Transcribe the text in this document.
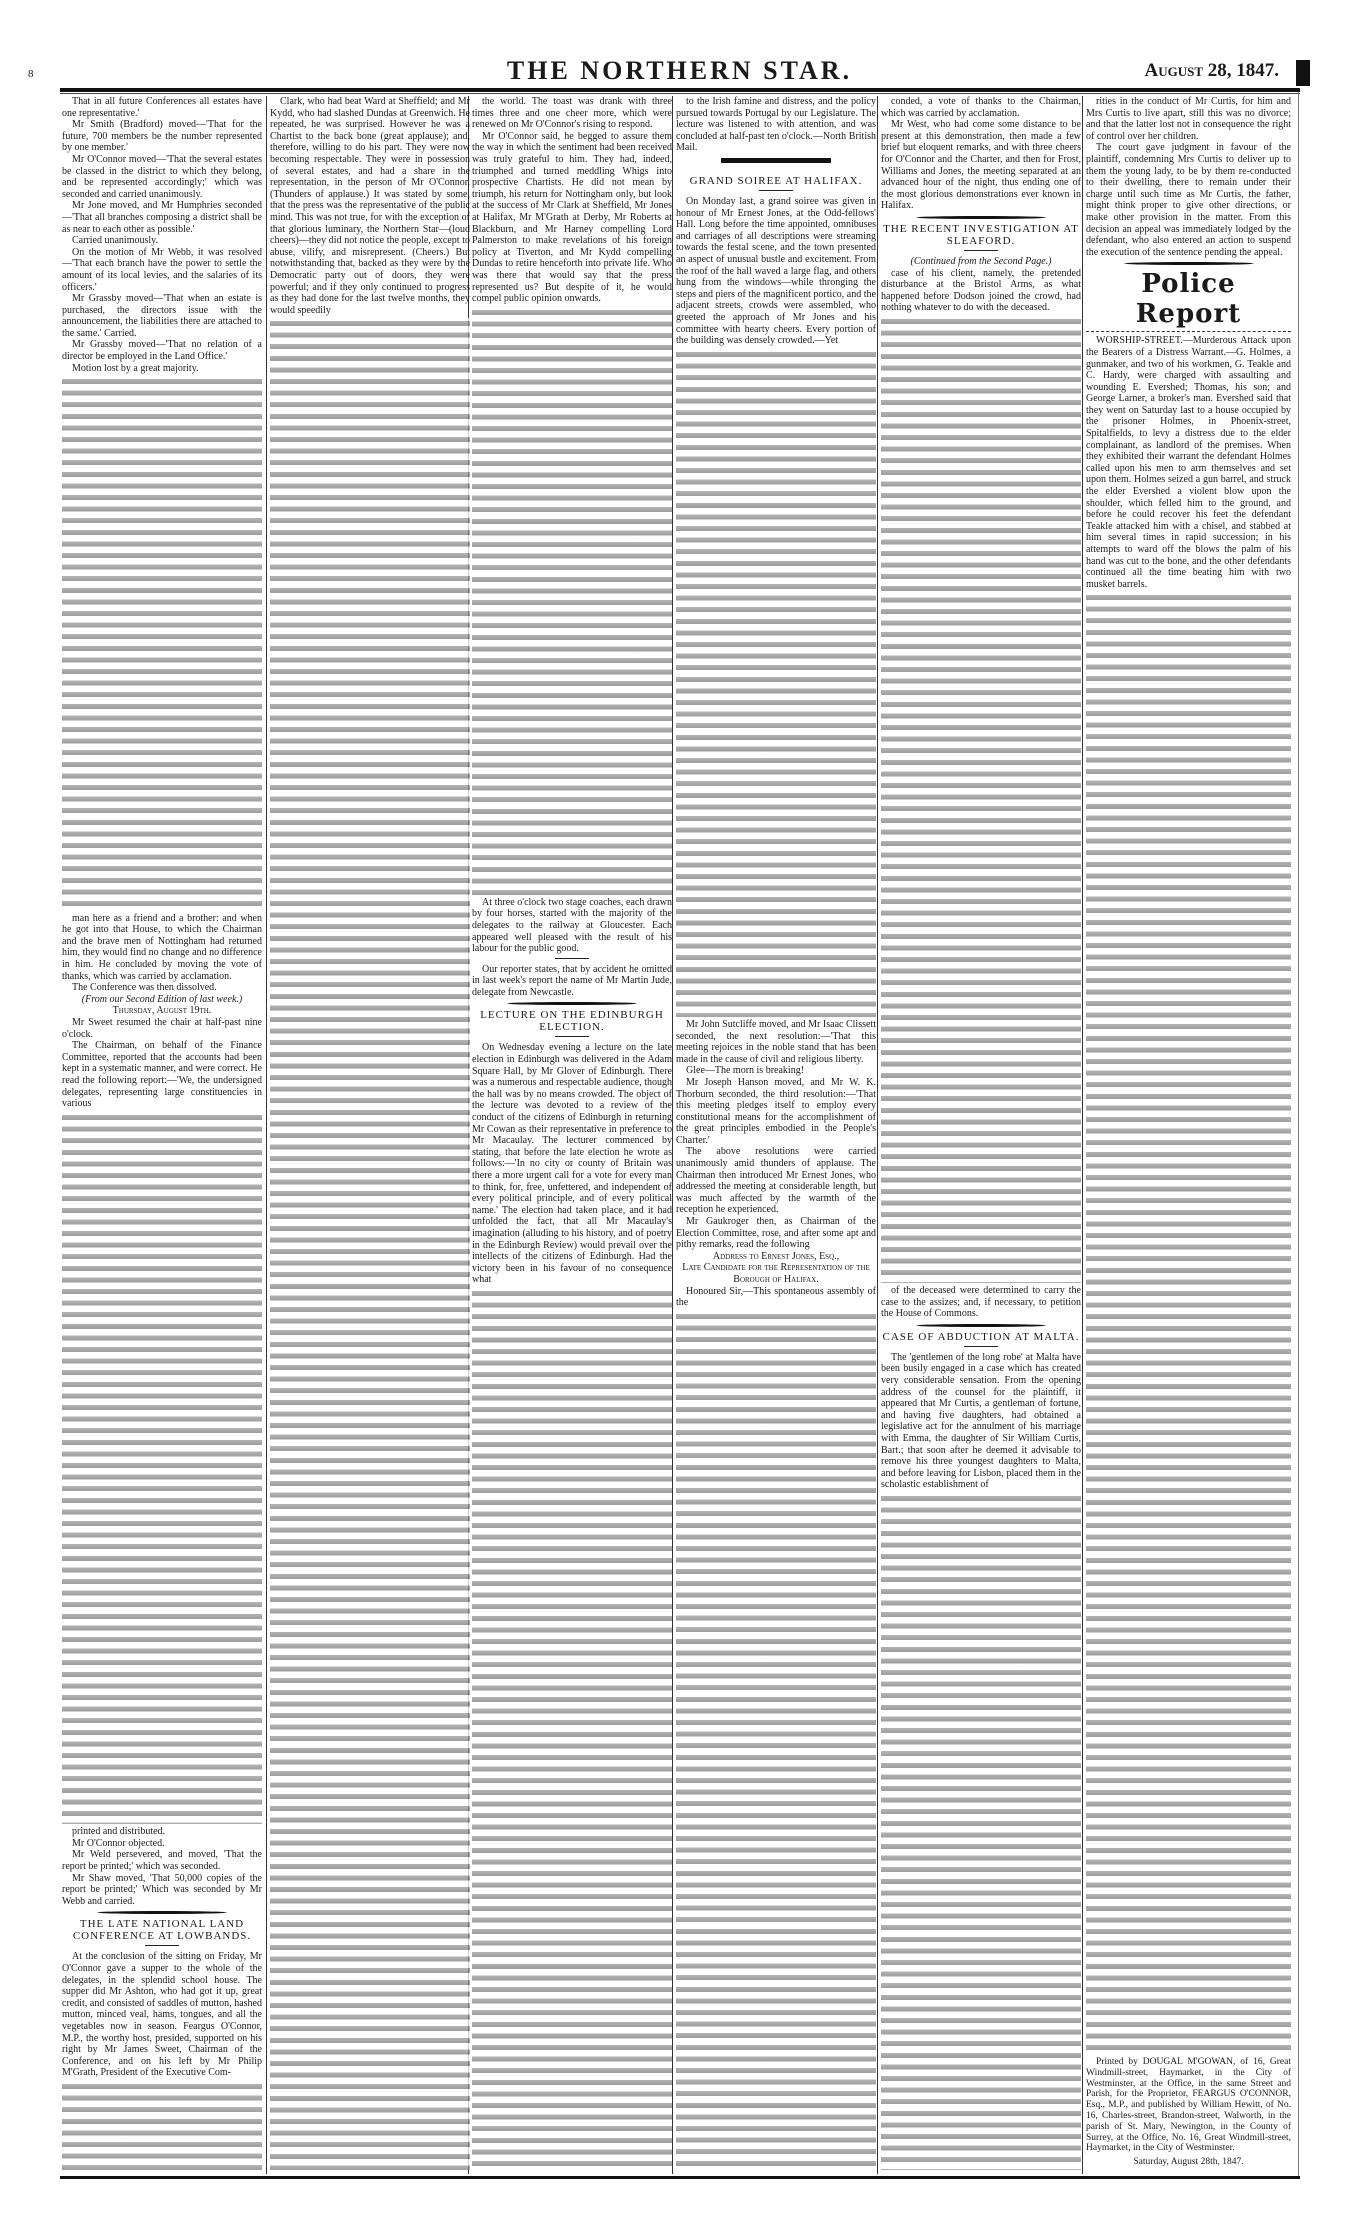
8	THE NORTHERN STAR.	August 28, 1847.

That in all future Conferences all estates have one representative.'

Mr Smith (Bradford) moved—'That for the future, 700 members be the number represented by one member.'

Mr O'Connor moved—'That the several estates be classed in the district to which they belong, and be represented accordingly;' which was seconded and carried unanimously.

Mr Jone moved, and Mr Humphries seconded—'That all branches composing a district shall be as near to each other as possible.'

Carried unanimously.

On the motion of Mr Webb, it was resolved—'That each branch have the power to settle the amount of its local levies, and the salaries of its officers.'

Mr Grassby moved—'That when an estate is purchased, the directors issue with the announcement, the liabilities there are attached to the same.' Carried.

Mr Grassby moved—'That no relation of a director be employed in the Land Office.'

Motion lost by a great majority.

man here as a friend and a brother: and when he got into that House, to which the Chairman and the brave men of Nottingham had returned him, they would find no change and no difference in him. He concluded by moving the vote of thanks, which was carried by acclamation.

The Conference was then dissolved.

(From our Second Edition of last week.)

Thursday, August 19th.

Mr Sweet resumed the chair at half-past nine o'clock.

The Chairman, on behalf of the Finance Committee, reported that the accounts had been kept in a systematic manner, and were correct. He read the following report:—'We, the undersigned delegates, representing large constituencies in various

printed and distributed.

Mr O'Connor objected.

Mr Weld persevered, and moved, 'That the report be printed;' which was seconded.

Mr Shaw moved, 'That 50,000 copies of the report be printed;' Which was seconded by Mr Webb and carried.

THE LATE NATIONAL LAND CONFERENCE AT LOWBANDS.

At the conclusion of the sitting on Friday, Mr O'Connor gave a supper to the whole of the delegates, in the splendid school house. The supper did Mr Ashton, who had got it up, great credit, and consisted of saddles of mutton, hashed mutton, minced veal, hams, tongues, and all the vegetables now in season. Feargus O'Connor, M.P., the worthy host, presided, supported on his right by Mr James Sweet, Chairman of the Conference, and on his left by Mr Philip M'Grath, President of the Executive Com-

Clark, who had beat Ward at Sheffield; and Mr Kydd, who had slashed Dundas at Greenwich. He repeated, he was surprised. However he was a Chartist to the back bone (great applause); and, therefore, willing to do his part. They were now becoming respectable. They were in possession of several estates, and had a share in the representation, in the person of Mr O'Connor. (Thunders of applause.) It was stated by some, that the press was the representative of the public mind. This was not true, for with the exception of that glorious luminary, the Northern Star—(loud cheers)—they did not notice the people, except to abuse, vilify, and misrepresent. (Cheers.) But notwithstanding that, backed as they were by the Democratic party out of doors, they were powerful; and if they only continued to progress as they had done for the last twelve months, they would speedily

the world. The toast was drank with three times three and one cheer more, which were renewed on Mr O'Connor's rising to respond.

Mr O'Connor said, he begged to assure them the way in which the sentiment had been received was truly grateful to him. They had, indeed, triumphed and turned meddling Whigs into prospective Chartists. He did not mean by triumph, his return for Nottingham only, but look at the success of Mr Clark at Sheffield, Mr Jones at Halifax, Mr M'Grath at Derby, Mr Roberts at Blackburn, and Mr Harney compelling Lord Palmerston to make revelations of his foreign policy at Tiverton, and Mr Kydd compelling Dundas to retire henceforth into private life. Who was there that would say that the press represented us? But despite of it, he would compel public opinion onwards.

At three o'clock two stage coaches, each drawn by four horses, started with the majority of the delegates to the railway at Gloucester. Each appeared well pleased with the result of his labour for the public good.

Our reporter states, that by accident he omitted in last week's report the name of Mr Martin Jude, delegate from Newcastle.

LECTURE ON THE EDINBURGH ELECTION.

On Wednesday evening a lecture on the late election in Edinburgh was delivered in the Adam Square Hall, by Mr Glover of Edinburgh. There was a numerous and respectable audience, though the hall was by no means crowded. The object of the lecture was devoted to a review of the conduct of the citizens of Edinburgh in returning Mr Cowan as their representative in preference to Mr Macaulay. The lecturer commenced by stating, that before the late election he wrote as follows:—'In no city or county of Britain was there a more urgent call for a vote for every man to think, for, free, unfettered, and independent of every political principle, and of every political name.' The election had taken place, and it had unfolded the fact, that all Mr Macaulay's imagination (alluding to his history, and of poetry in the Edinburgh Review) would prevail over the intellects of the citizens of Edinburgh. Had the victory been in his favour of no consequence what

to the Irish famine and distress, and the policy pursued towards Portugal by our Legislature. The lecture was listened to with attention, and was concluded at half-past ten o'clock.—North British Mail.

GRAND SOIREE AT HALIFAX.

On Monday last, a grand soiree was given in honour of Mr Ernest Jones, at the Odd-fellows' Hall. Long before the time appointed, omnibuses and carriages of all descriptions were streaming towards the festal scene, and the town presented an aspect of unusual bustle and excitement. From the roof of the hall waved a large flag, and others hung from the windows—while thronging the steps and piers of the magnificent portico, and the adjacent streets, crowds were assembled, who greeted the approach of Mr Jones and his committee with hearty cheers. Every portion of the building was densely crowded.—Yet

Mr John Sutcliffe moved, and Mr Isaac Clissett seconded, the next resolution:—'That this meeting rejoices in the noble stand that has been made in the cause of civil and religious liberty.

Glee—The morn is breaking!

Mr Joseph Hanson moved, and Mr W. K. Thorburn seconded, the third resolution:—'That this meeting pledges itself to employ every constitutional means for the accomplishment of the great principles embodied in the People's Charter.'

The above resolutions were carried unanimously amid thunders of applause. The Chairman then introduced Mr Ernest Jones, who addressed the meeting at considerable length, but was much affected by the warmth of the reception he experienced.

Mr Gaukroger then, as Chairman of the Election Committee, rose, and after some apt and pithy remarks, read the following

Address to Ernest Jones, Esq.,

Late Candidate for the Representation of the Borough of Halifax.

Honoured Sir,—This spontaneous assembly of the

conded, a vote of thanks to the Chairman, which was carried by acclamation.

Mr West, who had come some distance to be present at this demonstration, then made a few brief but eloquent remarks, and with three cheers for O'Connor and the Charter, and then for Frost, Williams and Jones, the meeting separated at an advanced hour of the night, thus ending one of the most glorious demonstrations ever known in Halifax.

THE RECENT INVESTIGATION AT SLEAFORD.

(Continued from the Second Page.)

case of his client, namely, the pretended disturbance at the Bristol Arms, as what happened before Dodson joined the crowd, had nothing whatever to do with the deceased.

of the deceased were determined to carry the case to the assizes; and, if necessary, to petition the House of Commons.

CASE OF ABDUCTION AT MALTA.

The 'gentlemen of the long robe' at Malta have been busily engaged in a case which has created very considerable sensation. From the opening address of the counsel for the plaintiff, it appeared that Mr Curtis, a gentleman of fortune, and having five daughters, had obtained a legislative act for the annulment of his marriage with Emma, the daughter of Sir William Curtis, Bart.; that soon after he deemed it advisable to remove his three youngest daughters to Malta, and before leaving for Lisbon, placed them in the scholastic establishment of

rities in the conduct of Mr Curtis, for him and Mrs Curtis to live apart, still this was no divorce; and that the latter lost not in consequence the right of control over her children.

The court gave judgment in favour of the plaintiff, condemning Mrs Curtis to deliver up to them the young lady, to be by them re-conducted to their dwelling, there to remain under their charge until such time as Mr Curtis, the father, might think proper to give other directions, or make other provision in the matter. From this decision an appeal was immediately lodged by the defendant, who also entered an action to suspend the execution of the sentence pending the appeal.

Police Report

WORSHIP-STREET.—Murderous Attack upon the Bearers of a Distress Warrant.—G. Holmes, a gunmaker, and two of his workmen, G. Teakle and C. Hardy, were charged with assaulting and wounding E. Evershed; Thomas, his son; and George Larner, a broker's man. Evershed said that they went on Saturday last to a house occupied by the prisoner Holmes, in Phoenix-street, Spitalfields, to levy a distress due to the elder complainant, as landlord of the premises. When they exhibited their warrant the defendant Holmes called upon his men to arm themselves and set upon them. Holmes seized a gun barrel, and struck the elder Evershed a violent blow upon the shoulder, which felled him to the ground, and before he could recover his feet the defendant Teakle attacked him with a chisel, and stabbed at him several times in rapid succession; in his attempts to ward off the blows the palm of his hand was cut to the bone, and the other defendants continued all the time beating him with two musket barrels.

Printed by DOUGAL M'GOWAN, of 16, Great Windmill-street, Haymarket, in the City of Westminster, at the Office, in the same Street and Parish, for the Proprietor, FEARGUS O'CONNOR, Esq., M.P., and published by William Hewitt, of No. 16, Charles-street, Brandon-street, Walworth, in the parish of St. Mary, Newington, in the County of Surrey, at the Office, No. 16, Great Windmill-street, Haymarket, in the City of Westminster.

Saturday, August 28th, 1847.
